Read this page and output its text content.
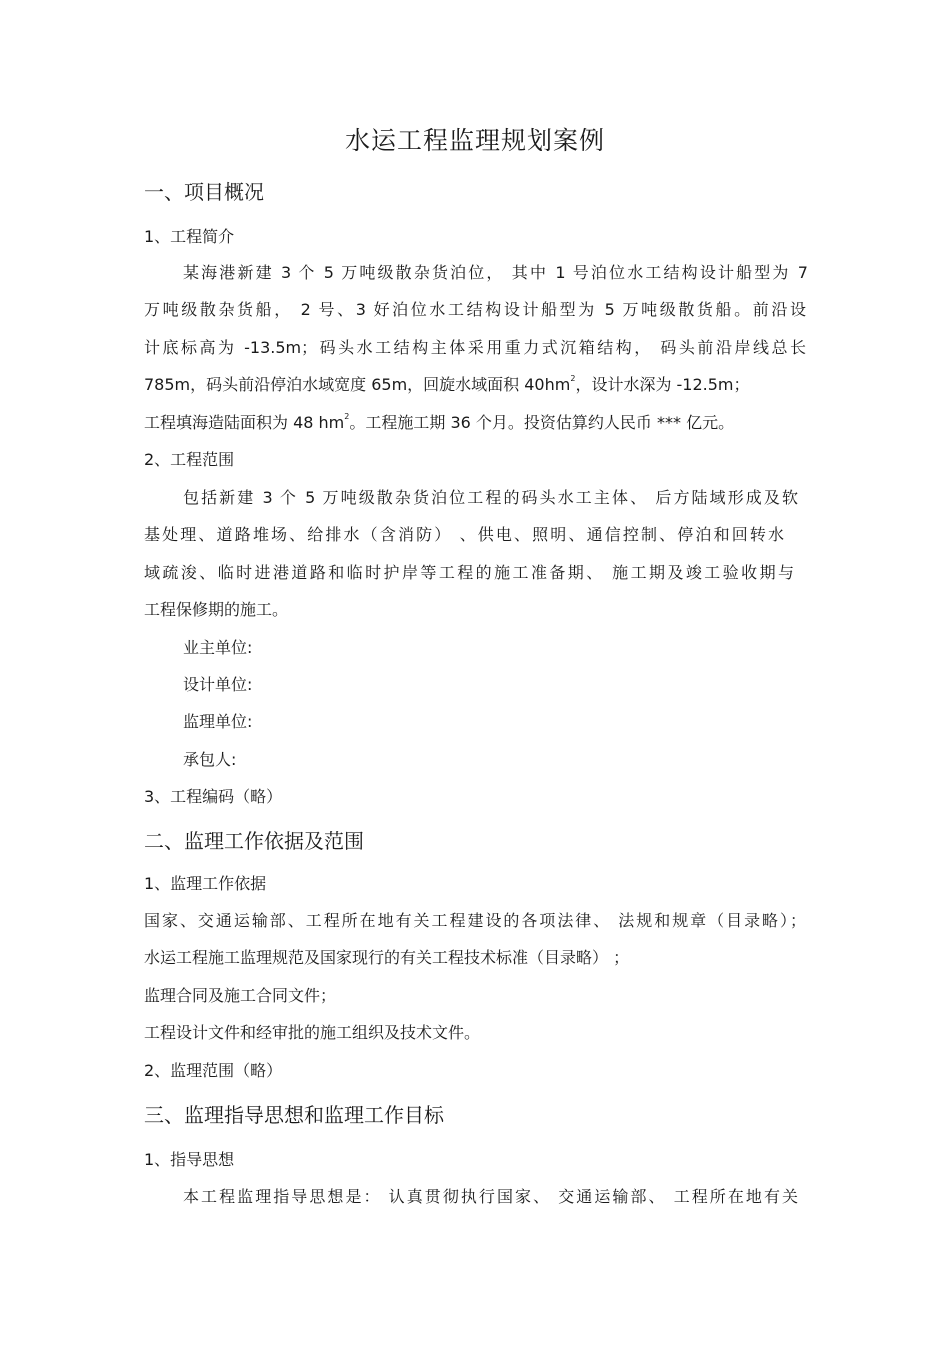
水运工程监理规划案例
一、项目概况
1、工程简介
某海港新建 3 个 5 万吨级散杂货泊位， 其中 1 号泊位水工结构设计船型为 7
万吨级散杂货船， 2 号、3 好泊位水工结构设计船型为 5 万吨级散货船。前沿设
计底标高为 -13.5m；码头水工结构主体采用重力式沉箱结构， 码头前沿岸线总长
785m，码头前沿停泊水域宽度 65m，回旋水域面积 $40hm^2$，设计水深为 -12.5m；
工程填海造陆面积为 48 $hm^2$。工程施工期 36 个月。投资估算约人民币 *** 亿元。
2、工程范围
包括新建 3 个 5 万吨级散杂货泊位工程的码头水工主体、 后方陆域形成及软
基处理、道路堆场、给排水（含消防） 、供电、照明、通信控制、停泊和回转水
域疏浚、临时进港道路和临时护岸等工程的施工准备期、 施工期及竣工验收期与
工程保修期的施工。
业主单位:
设计单位:
监理单位:
承包人:
3、工程编码（略）
二、监理工作依据及范围
1、监理工作依据
国家、交通运输部、工程所在地有关工程建设的各项法律、 法规和规章（目录略）；
水运工程施工监理规范及国家现行的有关工程技术标准（目录略） ；
监理合同及施工合同文件；
工程设计文件和经审批的施工组织及技术文件。
2、监理范围（略）
三、监理指导思想和监理工作目标
1、指导思想
本工程监理指导思想是： 认真贯彻执行国家、 交通运输部、 工程所在地有关
